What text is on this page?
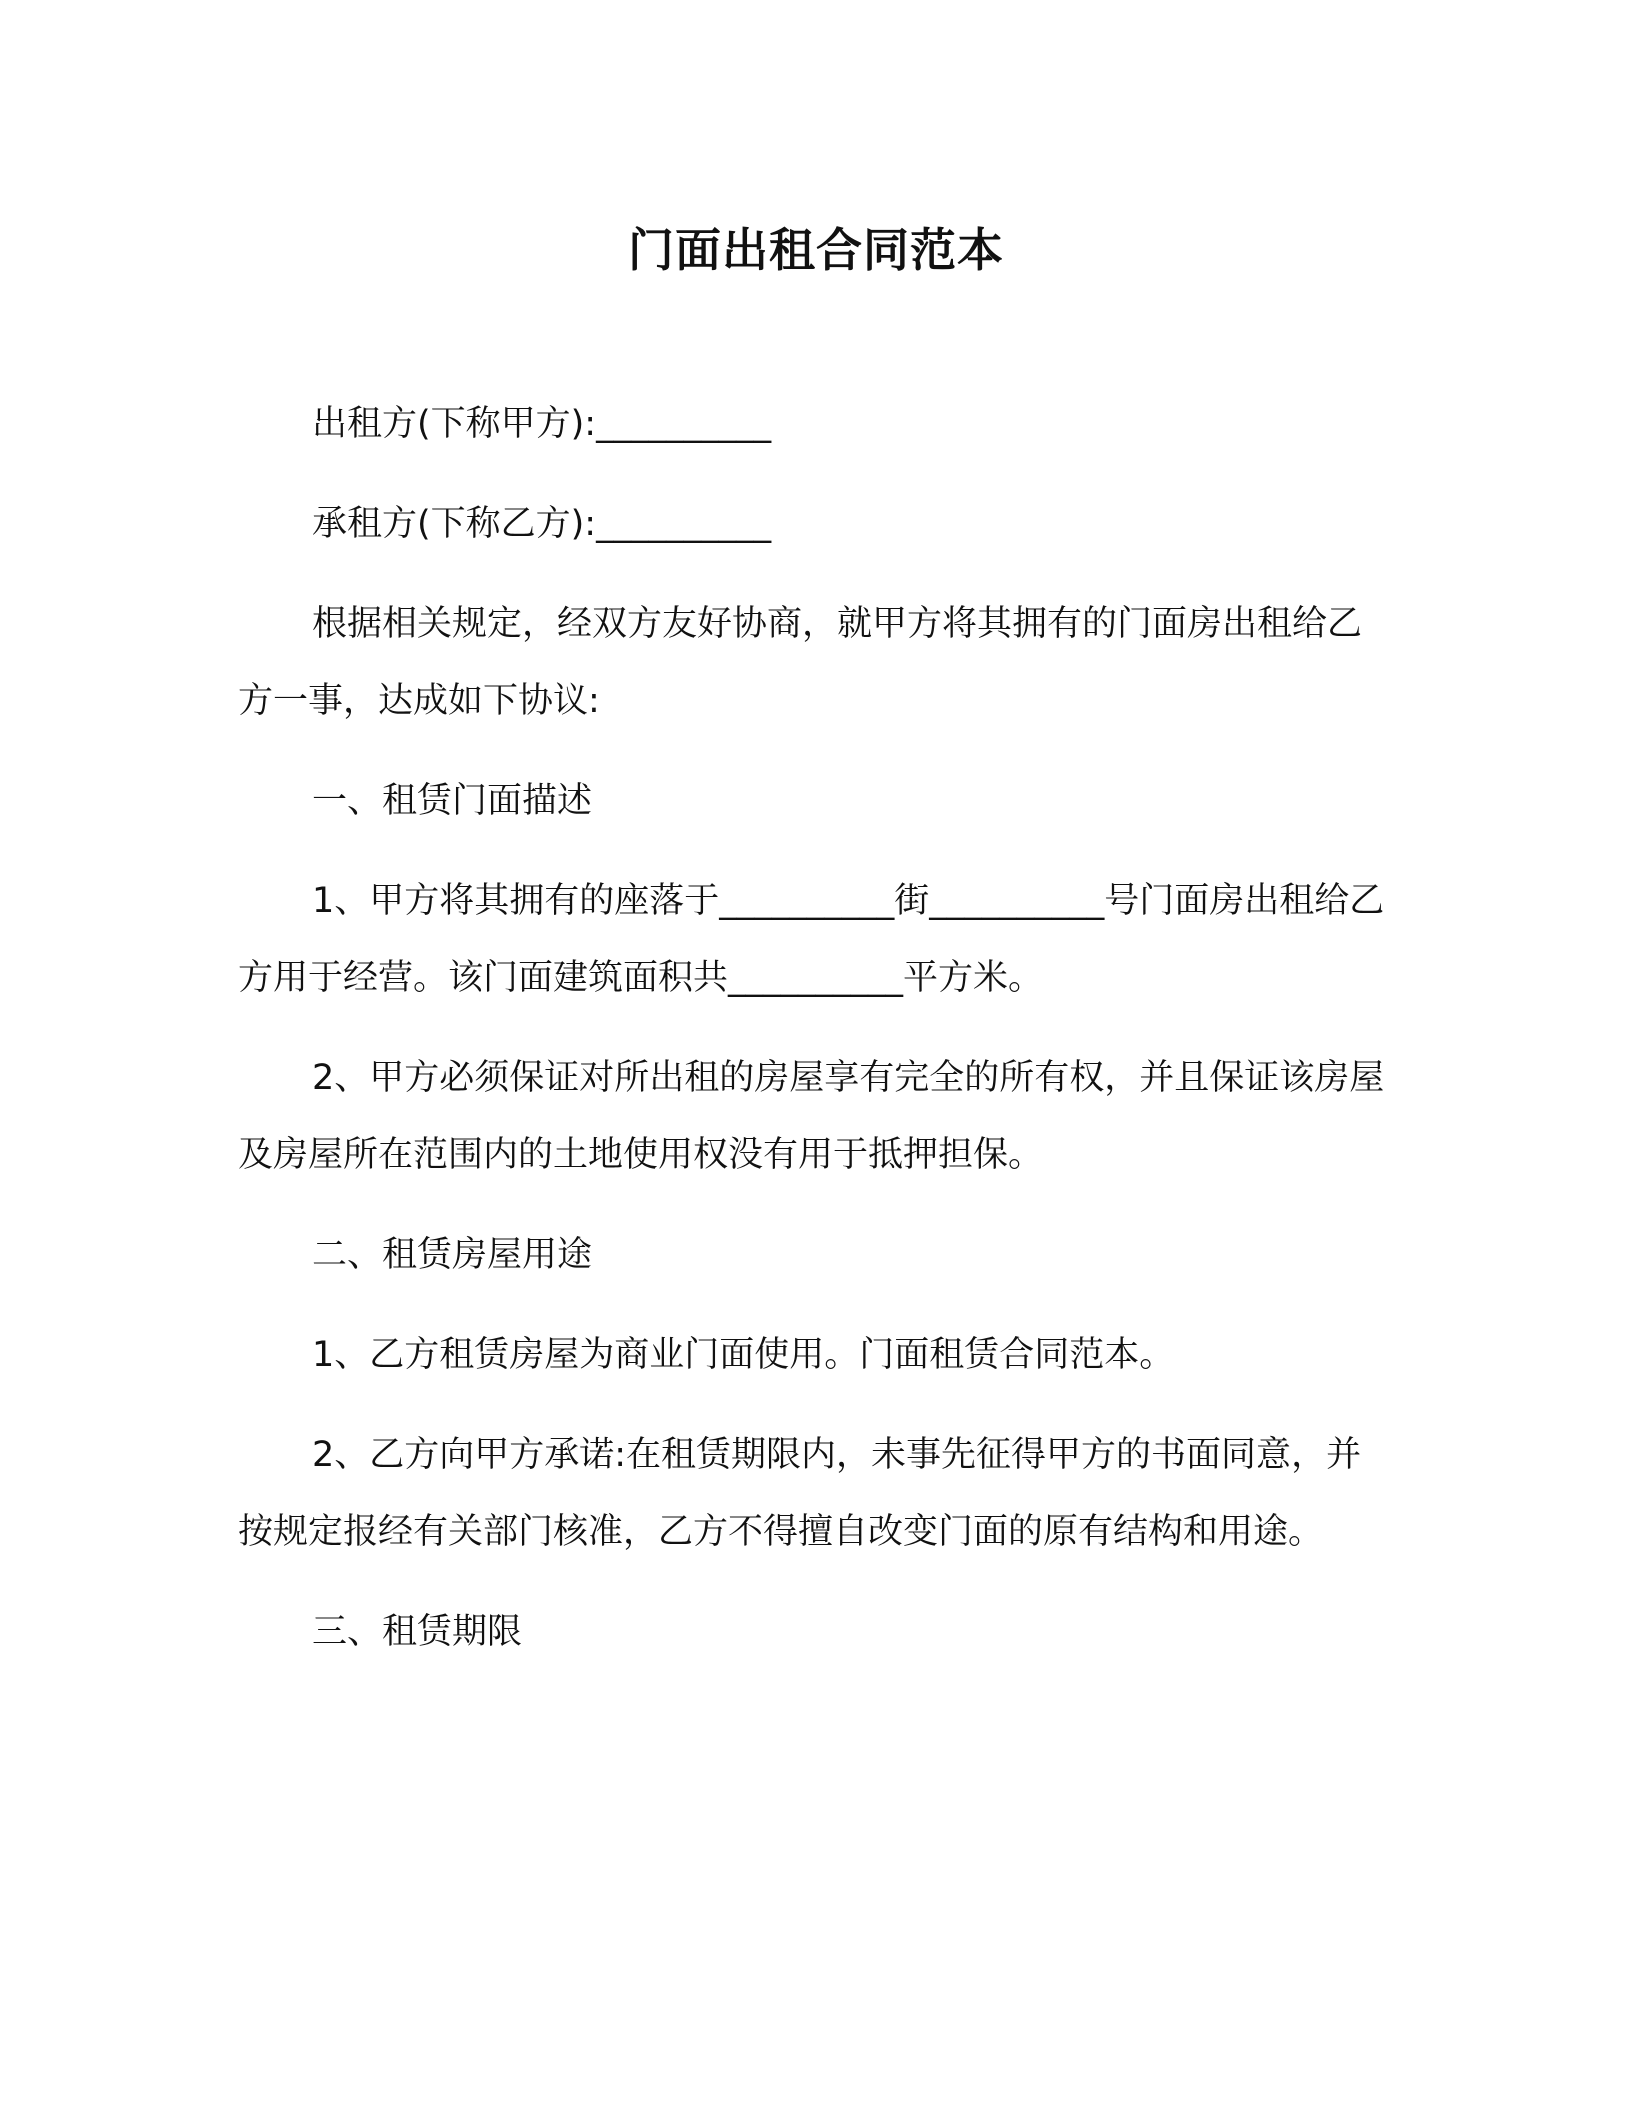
门面出租合同范本

出租方(下称甲方):__________

承租方(下称乙方):__________

根据相关规定，经双方友好协商，就甲方将其拥有的门面房出租给乙方一事，达成如下协议:

一、租赁门面描述

1、甲方将其拥有的座落于__________街__________号门面房出租给乙方用于经营。该门面建筑面积共__________平方米。

2、甲方必须保证对所出租的房屋享有完全的所有权，并且保证该房屋及房屋所在范围内的土地使用权没有用于抵押担保。

二、租赁房屋用途

1、乙方租赁房屋为商业门面使用。门面租赁合同范本。

2、乙方向甲方承诺:在租赁期限内，未事先征得甲方的书面同意，并按规定报经有关部门核准，乙方不得擅自改变门面的原有结构和用途。

三、租赁期限
